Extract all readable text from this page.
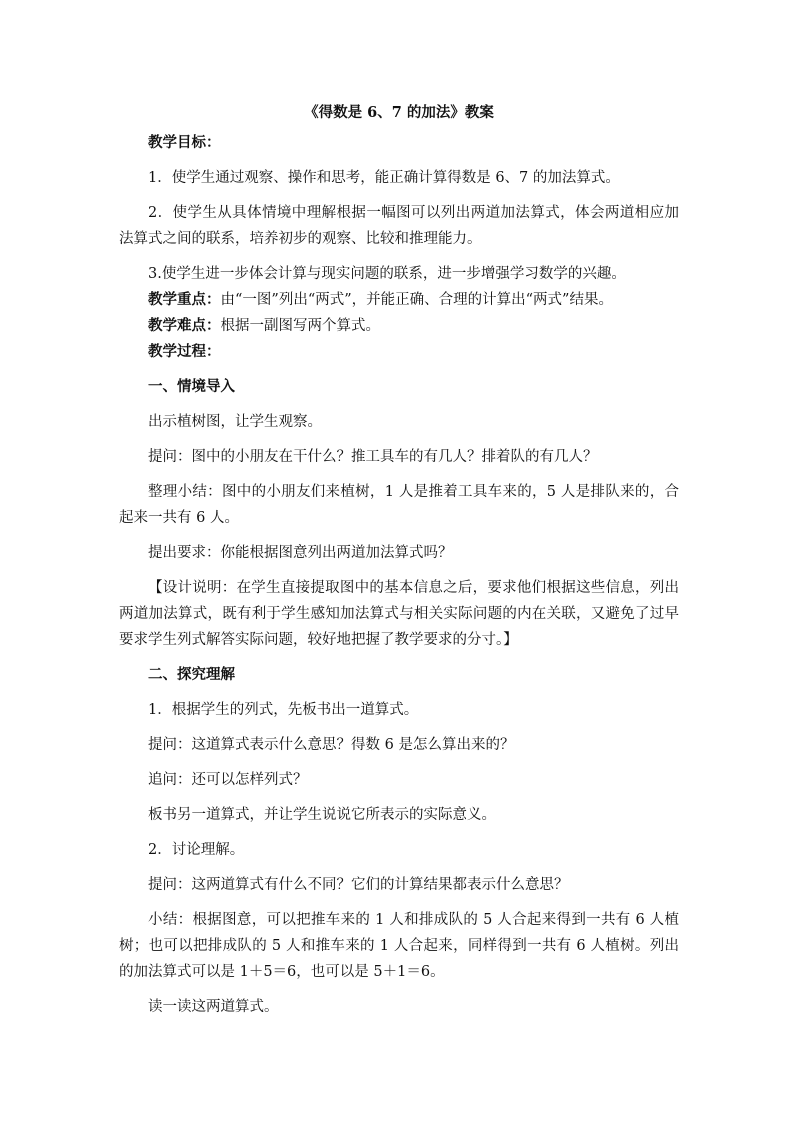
《得数是 6、7 的加法》教案

教学目标：

1．使学生通过观察、操作和思考，能正确计算得数是 6、7 的加法算式。

2．使学生从具体情境中理解根据一幅图可以列出两道加法算式，体会两道相应加法算式之间的联系，培养初步的观察、比较和推理能力。

3.使学生进一步体会计算与现实问题的联系，进一步增强学习数学的兴趣。

教学重点：由“一图”列出“两式”，并能正确、合理的计算出“两式”结果。

教学难点：根据一副图写两个算式。

教学过程：

一、情境导入

出示植树图，让学生观察。

提问：图中的小朋友在干什么？推工具车的有几人？排着队的有几人？

整理小结：图中的小朋友们来植树，1 人是推着工具车来的，5 人是排队来的，合起来一共有 6 人。

提出要求：你能根据图意列出两道加法算式吗？

【设计说明：在学生直接提取图中的基本信息之后，要求他们根据这些信息，列出两道加法算式，既有利于学生感知加法算式与相关实际问题的内在关联，又避免了过早要求学生列式解答实际问题，较好地把握了教学要求的分寸。】

二、探究理解

1．根据学生的列式，先板书出一道算式。

提问：这道算式表示什么意思？得数 6 是怎么算出来的？

追问：还可以怎样列式？

板书另一道算式，并让学生说说它所表示的实际意义。

2．讨论理解。

提问：这两道算式有什么不同？它们的计算结果都表示什么意思？

小结：根据图意，可以把推车来的 1 人和排成队的 5 人合起来得到一共有 6 人植树；也可以把排成队的 5 人和推车来的 1 人合起来，同样得到一共有 6 人植树。列出的加法算式可以是 1＋5＝6，也可以是 5＋1＝6。

读一读这两道算式。
